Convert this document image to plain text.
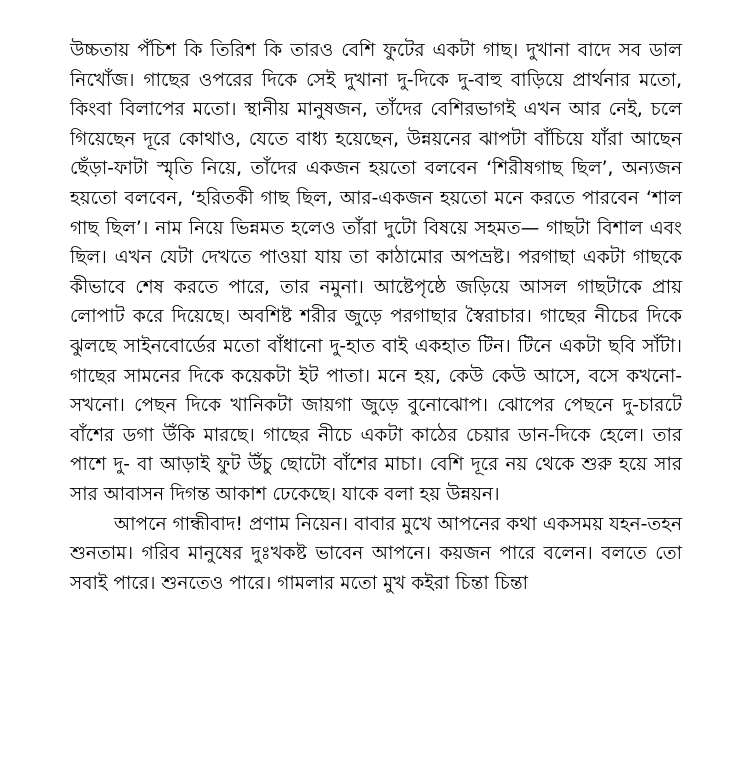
উচ্চতায় পঁচিশ কি তিরিশ কি তারও বেশি ফুটের একটা গাছ। দুখানা বাদে সব ডাল নিখোঁজ। গাছের ওপরের দিকে সেই দুখানা দু-দিকে দু-বাহু বাড়িয়ে প্রার্থনার মতো, কিংবা বিলাপের মতো। স্থানীয় মানুষজন, তাঁদের বেশিরভাগই এখন আর নেই, চলে গিয়েছেন দূরে কোথাও, যেতে বাধ্য হয়েছেন, উন্নয়নের ঝাপটা বাঁচিয়ে যাঁরা আছেন ছেঁড়া-ফাটা স্মৃতি নিয়ে, তাঁদের একজন হয়তো বলবেন ‘শিরীষগাছ ছিল’, অন্যজন হয়তো বলবেন, ‘হরিতকী গাছ ছিল, আর-একজন হয়তো মনে করতে পারবেন ‘শাল গাছ ছিল’। নাম নিয়ে ভিন্নমত হলেও তাঁরা দুটো বিষয়ে সহমত— গাছটা বিশাল এবং ছিল। এখন যেটা দেখতে পাওয়া যায় তা কাঠামোর অপভ্রষ্ট। পরগাছা একটা গাছকে কীভাবে শেষ করতে পারে, তার নমুনা। আষ্টেপৃষ্ঠে জড়িয়ে আসল গাছটাকে প্রায় লোপাট করে দিয়েছে। অবশিষ্ট শরীর জুড়ে পরগাছার স্বৈরাচার। গাছের নীচের দিকে ঝুলছে সাইনবোর্ডের মতো বাঁধানো দু-হাত বাই একহাত টিন। টিনে একটা ছবি সাঁটা। গাছের সামনের দিকে কয়েকটা ইট পাতা। মনে হয়, কেউ কেউ আসে, বসে কখনো-সখনো। পেছন দিকে খানিকটা জায়গা জুড়ে বুনোঝোপ। ঝোপের পেছনে দু-চারটে বাঁশের ডগা উঁকি মারছে। গাছের নীচে একটা কাঠের চেয়ার ডান-দিকে হেলে। তার পাশে দু- বা আড়াই ফুট উঁচু ছোটো বাঁশের মাচা। বেশি দূরে নয় থেকে শুরু হয়ে সার সার আবাসন দিগন্ত আকাশ ঢেকেছে। যাকে বলা হয় উন্নয়ন।

আপনে গান্ধীবাদ! প্রণাম নিয়েন। বাবার মুখে আপনের কথা একসময় যহন-তহন শুনতাম। গরিব মানুষের দুঃখকষ্ট ভাবেন আপনে। কয়জন পারে বলেন। বলতে তো সবাই পারে। শুনতেও পারে। গামলার মতো মুখ কইরা চিন্তা চিন্তা
